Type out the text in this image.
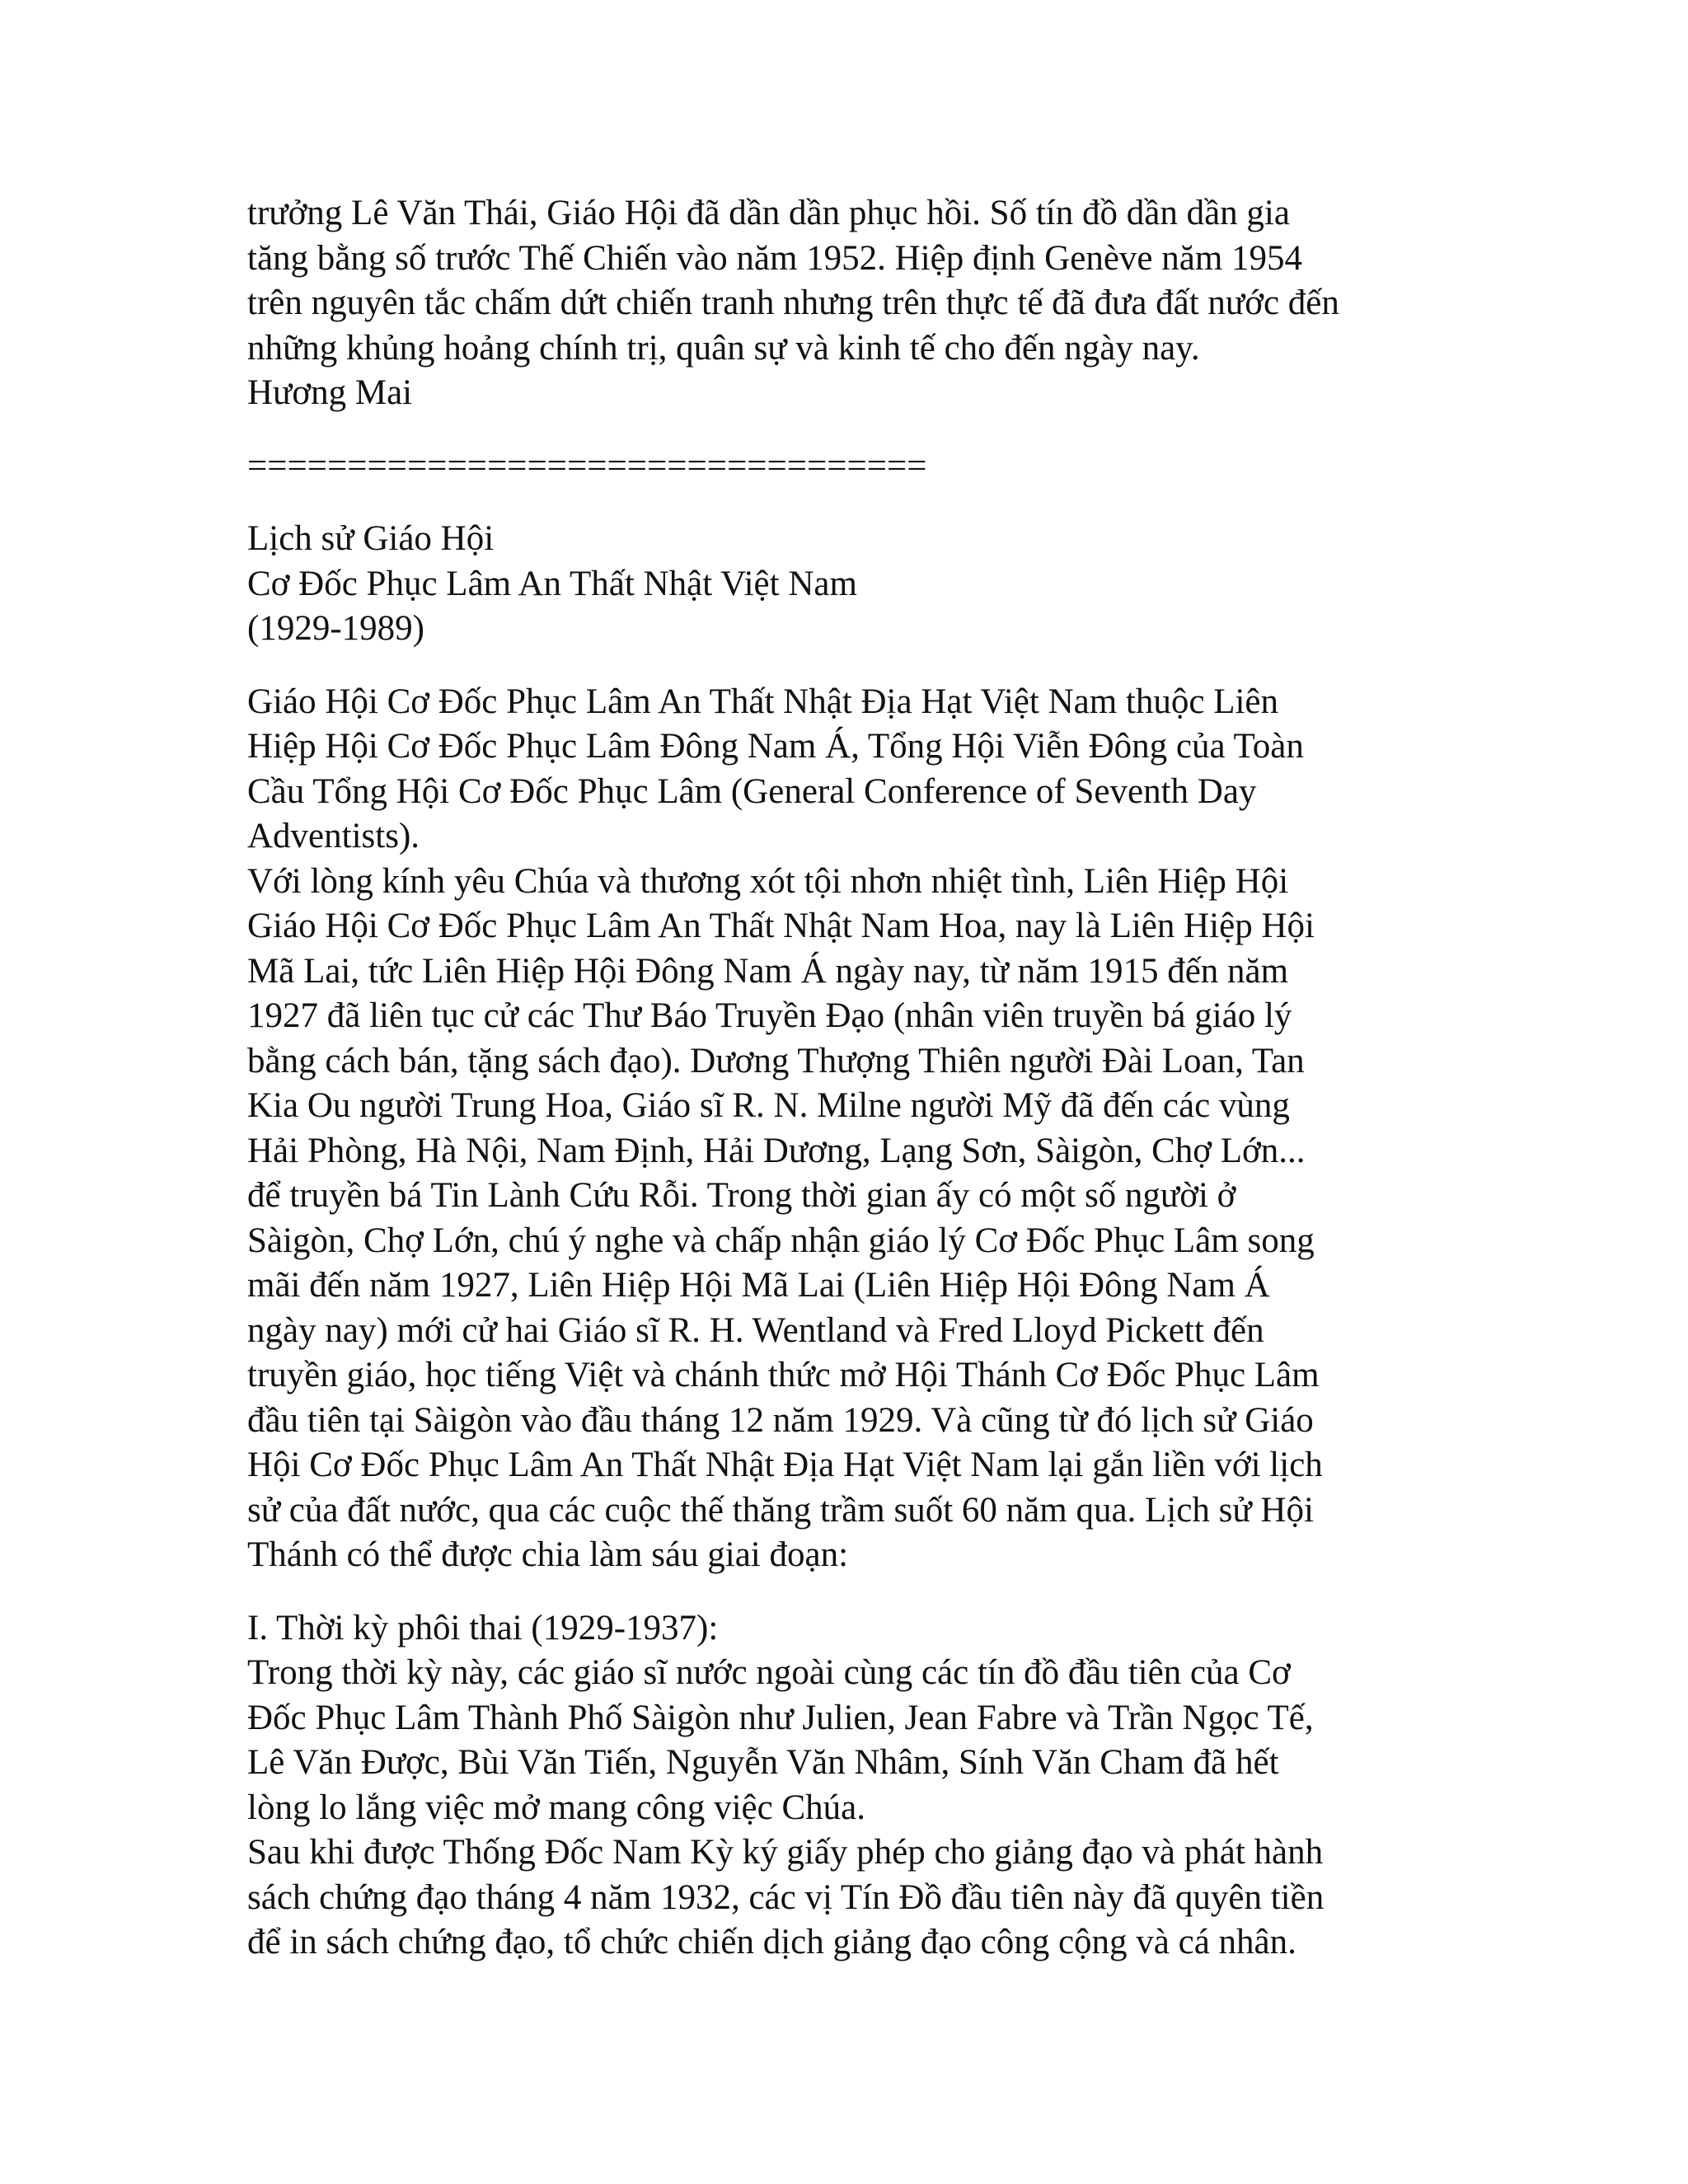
trưởng Lê Văn Thái, Giáo Hội đã dần dần phục hồi. Số tín đồ dần dần gia
tăng bằng số trước Thế Chiến vào năm 1952. Hiệp định Genève năm 1954
trên nguyên tắc chấm dứt chiến tranh nhưng trên thực tế đã đưa đất nước đến
những khủng hoảng chính trị, quân sự và kinh tế cho đến ngày nay.
Hương Mai
==================================
Lịch sử Giáo Hội
Cơ Đốc Phục Lâm An Thất Nhật Việt Nam
(1929-1989)
Giáo Hội Cơ Đốc Phục Lâm An Thất Nhật Địa Hạt Việt Nam thuộc Liên
Hiệp Hội Cơ Đốc Phục Lâm Đông Nam Á, Tổng Hội Viễn Đông của Toàn
Cầu Tổng Hội Cơ Đốc Phục Lâm (General Conference of Seventh Day
Adventists).
Với lòng kính yêu Chúa và thương xót tội nhơn nhiệt tình, Liên Hiệp Hội
Giáo Hội Cơ Đốc Phục Lâm An Thất Nhật Nam Hoa, nay là Liên Hiệp Hội
Mã Lai, tức Liên Hiệp Hội Đông Nam Á ngày nay, từ năm 1915 đến năm
1927 đã liên tục cử các Thư Báo Truyền Đạo (nhân viên truyền bá giáo lý
bằng cách bán, tặng sách đạo). Dương Thượng Thiên người Đài Loan, Tan
Kia Ou người Trung Hoa, Giáo sĩ R. N. Milne người Mỹ đã đến các vùng
Hải Phòng, Hà Nội, Nam Định, Hải Dương, Lạng Sơn, Sàigòn, Chợ Lớn...
để truyền bá Tin Lành Cứu Rỗi. Trong thời gian ấy có một số người ở
Sàigòn, Chợ Lớn, chú ý nghe và chấp nhận giáo lý Cơ Đốc Phục Lâm song
mãi đến năm 1927, Liên Hiệp Hội Mã Lai (Liên Hiệp Hội Đông Nam Á
ngày nay) mới cử hai Giáo sĩ R. H. Wentland và Fred Lloyd Pickett đến
truyền giáo, học tiếng Việt và chánh thức mở Hội Thánh Cơ Đốc Phục Lâm
đầu tiên tại Sàigòn vào đầu tháng 12 năm 1929. Và cũng từ đó lịch sử Giáo
Hội Cơ Đốc Phục Lâm An Thất Nhật Địa Hạt Việt Nam lại gắn liền với lịch
sử của đất nước, qua các cuộc thế thăng trầm suốt 60 năm qua. Lịch sử Hội
Thánh có thể được chia làm sáu giai đoạn:
I. Thời kỳ phôi thai (1929-1937):
Trong thời kỳ này, các giáo sĩ nước ngoài cùng các tín đồ đầu tiên của Cơ
Đốc Phục Lâm Thành Phố Sàigòn như Julien, Jean Fabre và Trần Ngọc Tế,
Lê Văn Được, Bùi Văn Tiến, Nguyễn Văn Nhâm, Sính Văn Cham đã hết
lòng lo lắng việc mở mang công việc Chúa.
Sau khi được Thống Đốc Nam Kỳ ký giấy phép cho giảng đạo và phát hành
sách chứng đạo tháng 4 năm 1932, các vị Tín Đồ đầu tiên này đã quyên tiền
để in sách chứng đạo, tổ chức chiến dịch giảng đạo công cộng và cá nhân.
